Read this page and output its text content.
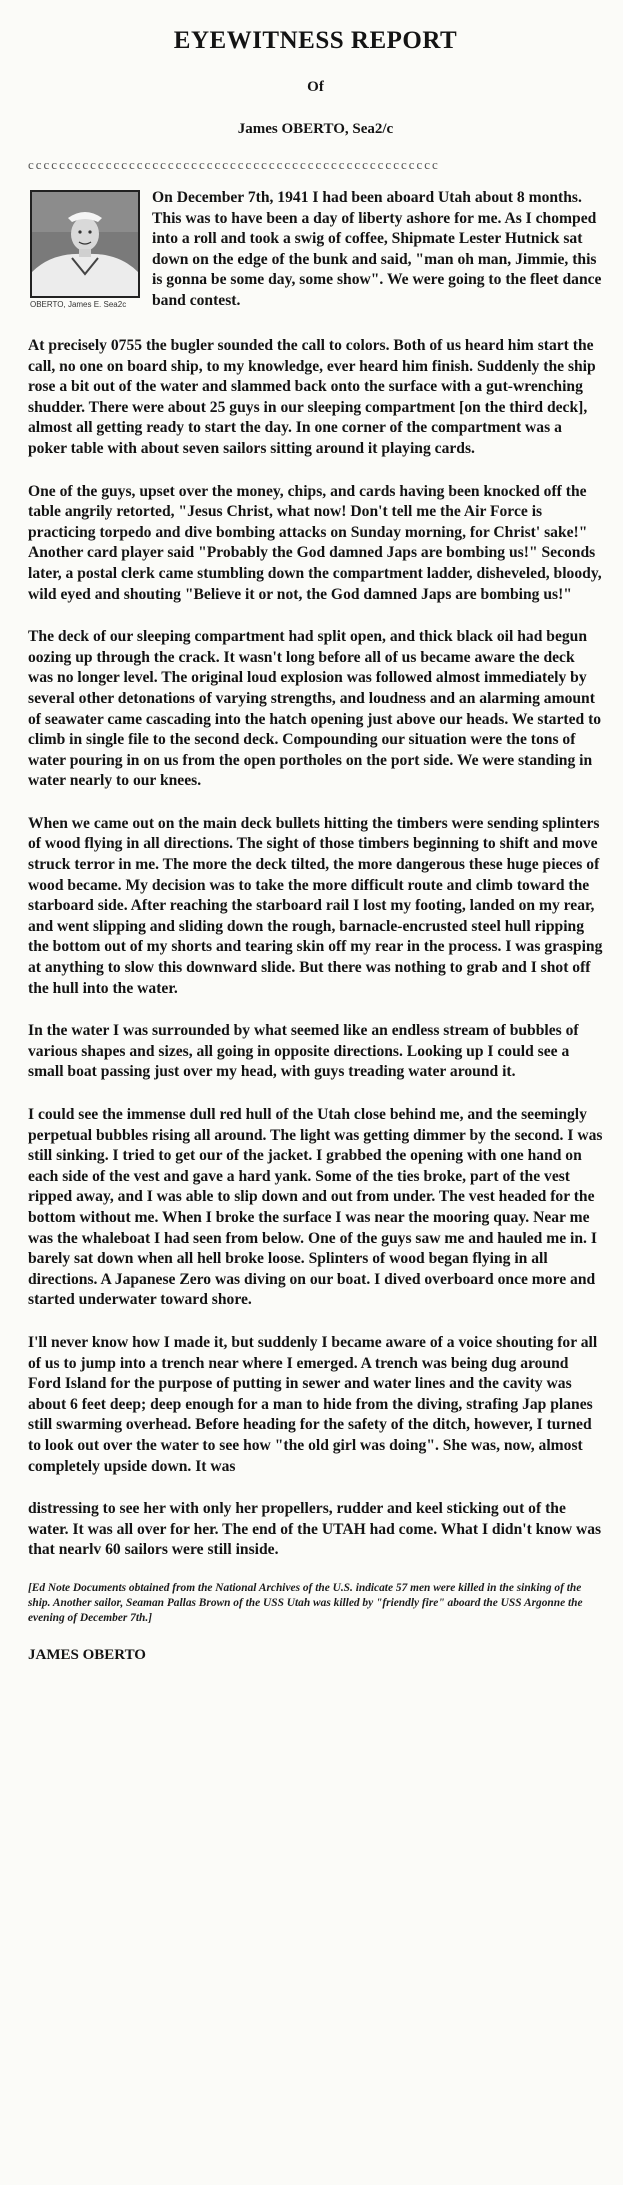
EYEWITNESS REPORT
Of
James OBERTO, Sea2/c
ccccccccccccccccccccccccccccccccccccccccccccccccccccc
OBERTO, James E. Sea2c

On December 7th, 1941 I had been aboard Utah about 8 months. This was to have been a day of liberty ashore for me. As I chomped into a roll and took a swig of coffee, Shipmate Lester Hutnick sat down on the edge of the bunk and said, "man oh man, Jimmie, this is gonna be some day, some show". We were going to the fleet dance band contest.

At precisely 0755 the bugler sounded the call to colors. Both of us heard him start the call, no one on board ship, to my knowledge, ever heard him finish. Suddenly the ship rose a bit out of the water and slammed back onto the surface with a gut-wrenching shudder. There were about 25 guys in our sleeping compartment [on the third deck], almost all getting ready to start the day. In one corner of the compartment was a poker table with about seven sailors sitting around it playing cards.

One of the guys, upset over the money, chips, and cards having been knocked off the table angrily retorted, "Jesus Christ, what now! Don't tell me the Air Force is practicing torpedo and dive bombing attacks on Sunday morning, for Christ' sake!" Another card player said "Probably the God damned Japs are bombing us!" Seconds later, a postal clerk came stumbling down the compartment ladder, disheveled, bloody, wild eyed and shouting "Believe it or not, the God damned Japs are bombing us!"

The deck of our sleeping compartment had split open, and thick black oil had begun oozing up through the crack. It wasn't long before all of us became aware the deck was no longer level. The original loud explosion was followed almost immediately by several other detonations of varying strengths, and loudness and an alarming amount of seawater came cascading into the hatch opening just above our heads. We started to climb in single file to the second deck. Compounding our situation were the tons of water pouring in on us from the open portholes on the port side. We were standing in water nearly to our knees.

When we came out on the main deck bullets hitting the timbers were sending splinters of wood flying in all directions. The sight of those timbers beginning to shift and move struck terror in me. The more the deck tilted, the more dangerous these huge pieces of wood became. My decision was to take the more difficult route and climb toward the starboard side. After reaching the starboard rail I lost my footing, landed on my rear, and went slipping and sliding down the rough, barnacle-encrusted steel hull ripping the bottom out of my shorts and tearing skin off my rear in the process. I was grasping at anything to slow this downward slide. But there was nothing to grab and I shot off the hull into the water.

In the water I was surrounded by what seemed like an endless stream of bubbles of various shapes and sizes, all going in opposite directions. Looking up I could see a small boat passing just over my head, with guys treading water around it.

I could see the immense dull red hull of the Utah close behind me, and the seemingly perpetual bubbles rising all around. The light was getting dimmer by the second. I was still sinking. I tried to get our of the jacket. I grabbed the opening with one hand on each side of the vest and gave a hard yank. Some of the ties broke, part of the vest ripped away, and I was able to slip down and out from under. The vest headed for the bottom without me. When I broke the surface I was near the mooring quay. Near me was the whaleboat I had seen from below. One of the guys saw me and hauled me in. I barely sat down when all hell broke loose. Splinters of wood began flying in all directions. A Japanese Zero was diving on our boat. I dived overboard once more and started underwater toward shore.

I'll never know how I made it, but suddenly I became aware of a voice shouting for all of us to jump into a trench near where I emerged. A trench was being dug around Ford Island for the purpose of putting in sewer and water lines and the cavity was about 6 feet deep; deep enough for a man to hide from the diving, strafing Jap planes still swarming overhead. Before heading for the safety of the ditch, however, I turned to look out over the water to see how "the old girl was doing". She was, now, almost completely upside down. It was

distressing to see her with only her propellers, rudder and keel sticking out of the water. It was all over for her. The end of the UTAH had come. What I didn't know was that nearlv 60 sailors were still inside.

[Ed Note Documents obtained from the National Archives of the U.S. indicate 57 men were killed in the sinking of the ship. Another sailor, Seaman Pallas Brown of the USS Utah was killed by "friendly fire" aboard the USS Argonne the evening of December 7th.]
JAMES OBERTO
